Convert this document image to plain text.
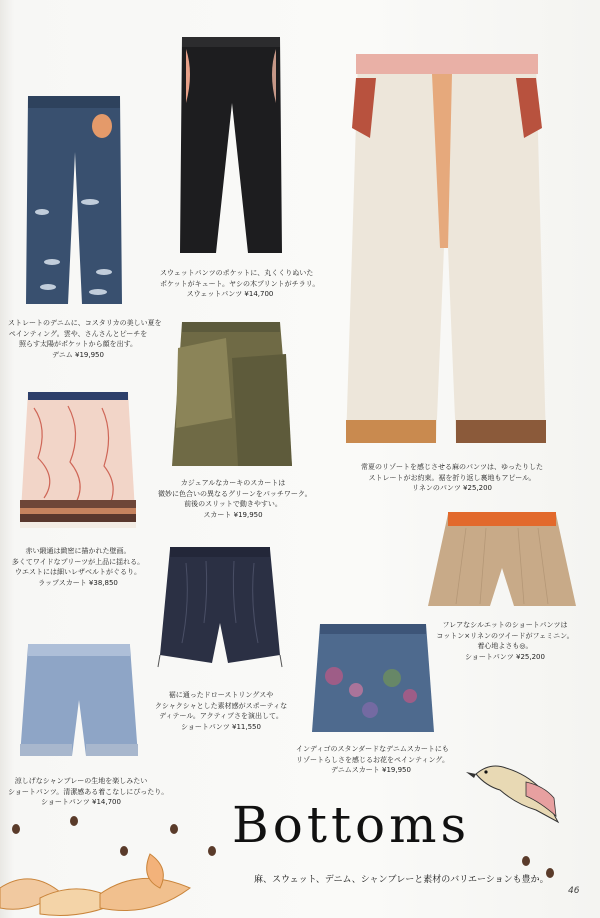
ストレートのデニムに、コスタリカの美しい夏を
ペインティング。雲や、さんさんとピーチを
照らす太陽がポケットから顔を出す。
デニム ¥19,950
スウェットパンツのポケットに、丸くくりぬいた
ポケットがキュート。ヤシの木プリントがチラリ。
スウェットパンツ ¥14,700
常夏のリゾートを感じさせる麻のパンツは、ゆったりした
ストレートがお約束。裾を折り返し裏地もアピール。
リネンのパンツ ¥25,200
カジュアルなカーキのスカートは
微妙に色合いの異なるグリーンをパッチワーク。
前後のスリットで動きやすい。
スカート ¥19,950
赤い緞通は緻密に描かれた壁画。
多くてワイドなプリーツが上品に揺れる。
ウエストには細いレザベルトがぐるり。
ラップスカート ¥38,850
フレアなシルエットのショートパンツは
コットン×リネンのツイードがフェミニン。
着心地よさも◎。
ショートパンツ ¥25,200
裾に通ったドローストリングスや
クシャクシャとした素材感がスポーティな
ディテール。アクティブさを演出して。
ショートパンツ ¥11,550
涼しげなシャンブレーの生地を楽しみたい
ショートパンツ。清潔感ある着こなしにぴったり。
ショートパンツ ¥14,700
インディゴのスタンダードなデニムスカートにも
リゾートらしさを感じるお花をペインティング。
デニムスカート ¥19,950
Bottoms
麻、スウェット、デニム、シャンブレーと素材のバリエーションも豊か。
46
